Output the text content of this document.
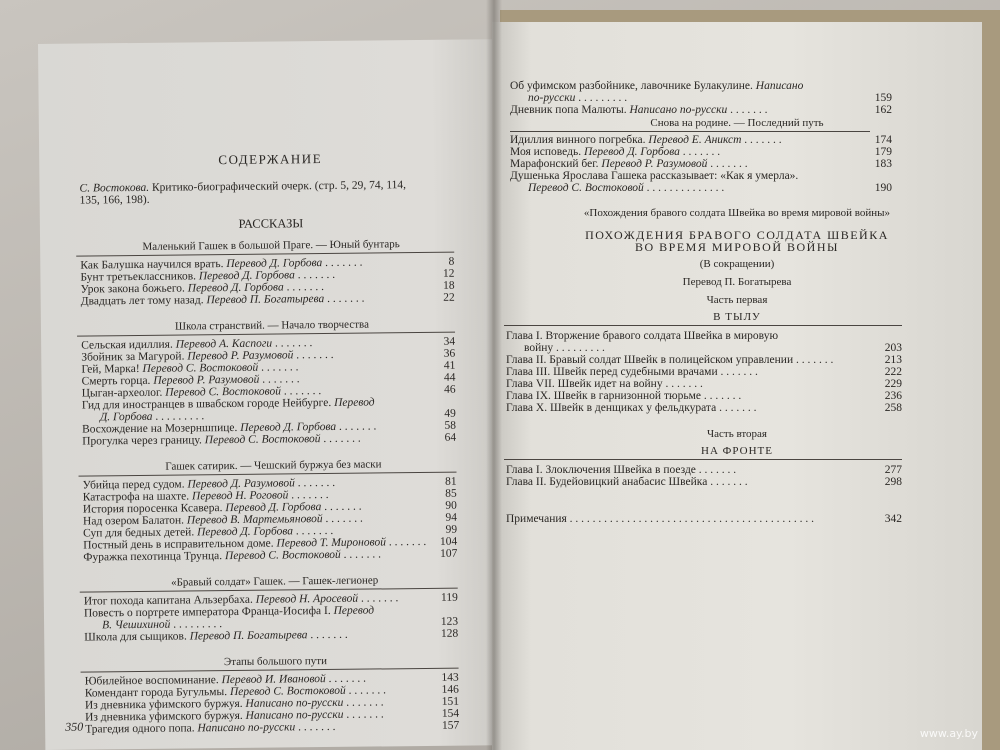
СОДЕРЖАНИЕ
С. Востокова. Критико-биографический очерк. (стр. 5, 29, 74, 114,
135, 166, 198).
РАССКАЗЫ
Маленький Гашек в большой Праге. — Юный бунтарь
Как Балушка научился врать. Перевод Д. Горбова . . . . . . .	8
Бунт третьеклассников. Перевод Д. Горбова . . . . . . .	12
Урок закона божьего. Перевод Д. Горбова . . . . . . .	18
Двадцать лет тому назад. Перевод П. Богатырева . . . . . . .	22
Школа странствий. — Начало творчества
Сельская идиллия. Перевод А. Каспоги . . . . . . .	34
Збойник за Магурой. Перевод Р. Разумовой . . . . . . .	36
Гей, Марка! Перевод С. Востоковой . . . . . . .	41
Смерть горца. Перевод Р. Разумовой . . . . . . .	44
Цыган-археолог. Перевод С. Востоковой . . . . . . .	46
Гид для иностранцев в швабском городе Нейбурге. Перевод
Д. Горбова . . . . . . . . .	49
Восхождение на Мозерншпице. Перевод Д. Горбова . . . . . . .	58
Прогулка через границу. Перевод С. Востоковой . . . . . . .	64
Гашек сатирик. — Чешский буржуа без маски
Убийца перед судом. Перевод Д. Разумовой . . . . . . .	81
Катастрофа на шахте. Перевод Н. Роговой . . . . . . .	85
История поросенка Ксавера. Перевод Д. Горбова . . . . . . .	90
Над озером Балатон. Перевод В. Мартемьяновой . . . . . . .	94
Суп для бедных детей. Перевод Д. Горбова . . . . . . .	99
Постный день в исправительном доме. Перевод Т. Мироновой . . . . . . . 104
Фуражка пехотинца Трунца. Перевод С. Востоковой . . . . . . .	107
«Бравый солдат» Гашек. — Гашек-легионер
Итог похода капитана Альзербаха. Перевод Н. Аросевой . . . . . . .	119
Повесть о портрете императора Франца-Иосифа I. Перевод
В. Чешихиной . . . . . . . . .	123
Школа для сыщиков. Перевод П. Богатырева . . . . . . .	128
Этапы большого пути
Юбилейное воспоминание. Перевод И. Ивановой . . . . . . .	143
Комендант города Бугульмы. Перевод С. Востоковой . . . . . . .	146
Из дневника уфимского буржуя. Написано по-русски . . . . . . .	151
Из дневника уфимского буржуя. Написано по-русски . . . . . . .	154
Трагедия одного попа. Написано по-русски . . . . . . .	157
350
Об уфимском разбойнике, лавочнике Булакулине. Написано
по-русски . . . . . . . . .	159
Дневник попа Малюты. Написано по-русски . . . . . . .	162
Снова на родине. — Последний путь
Идиллия винного погребка. Перевод Е. Аникст . . . . . . .	174
Моя исповедь. Перевод Д. Горбова . . . . . . .	179
Марафонский бег. Перевод Р. Разумовой . . . . . . .	183
Душенька Ярослава Гашека рассказывает: «Как я умерла».
Перевод С. Востоковой . . . . . . . . . . . . . .	190
«Похождения бравого солдата Швейка во время мировой войны»
ПОХОЖДЕНИЯ БРАВОГО СОЛДАТА ШВЕЙКА
ВО ВРЕМЯ МИРОВОЙ ВОЙНЫ
(В сокращении)
Перевод П. Богатырева
Часть первая
В ТЫЛУ
Глава I. Вторжение бравого солдата Швейка в мировую
войну . . . . . . . . .	203
Глава II. Бравый солдат Швейк в полицейском управлении . . . . . . .	213
Глава III. Швейк перед судебными врачами . . . . . . .	222
Глава VII. Швейк идет на войну . . . . . . .	229
Глава IX. Швейк в гарнизонной тюрьме . . . . . . .	236
Глава X. Швейк в денщиках у фельдкурата . . . . . . .	258
Часть вторая
НА ФРОНТЕ
Глава I. Злоключения Швейка в поезде . . . . . . .	277
Глава II. Будейовицкий анабасис Швейка . . . . . . .	298
Примечания . . . . . . . . . . . . . . . . . . . . . . . . . . . . . . . . . . . . . . . . . . .	342
www.ay.by
